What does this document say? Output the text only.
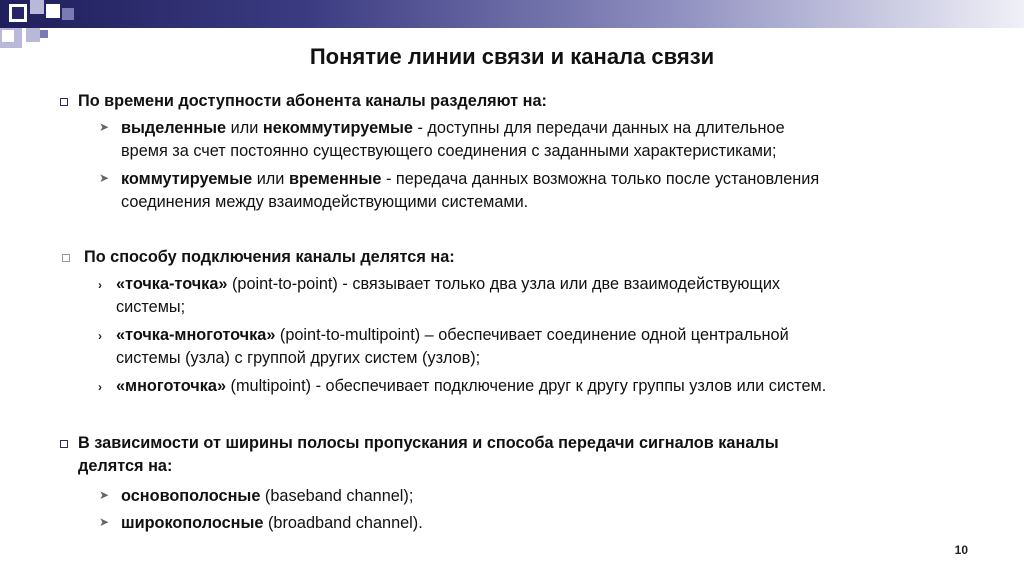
Понятие линии связи и канала связи
По времени доступности абонента каналы разделяют на:
➤ выделенные или некоммутируемые - доступны для передачи данных на длительное
время за счет постоянно существующего соединения с заданными характеристиками;
➤ коммутируемые или временные - передача данных возможна только после установления
соединения между взаимодействующими системами.
По способу подключения каналы делятся на:
› «точка-точка» (point-to-point) - связывает только два узла или две взаимодействующих
системы;
› «точка-многоточка» (point-to-multipoint) – обеспечивает соединение одной центральной
системы (узла) с группой других систем (узлов);
› «многоточка» (multipoint) - обеспечивает подключение друг к другу группы узлов или систем.
В зависимости от ширины полосы пропускания и способа передачи сигналов каналы
делятся на:
➤ основополосные (baseband channel);
➤ широкополосные (broadband channel).
10
